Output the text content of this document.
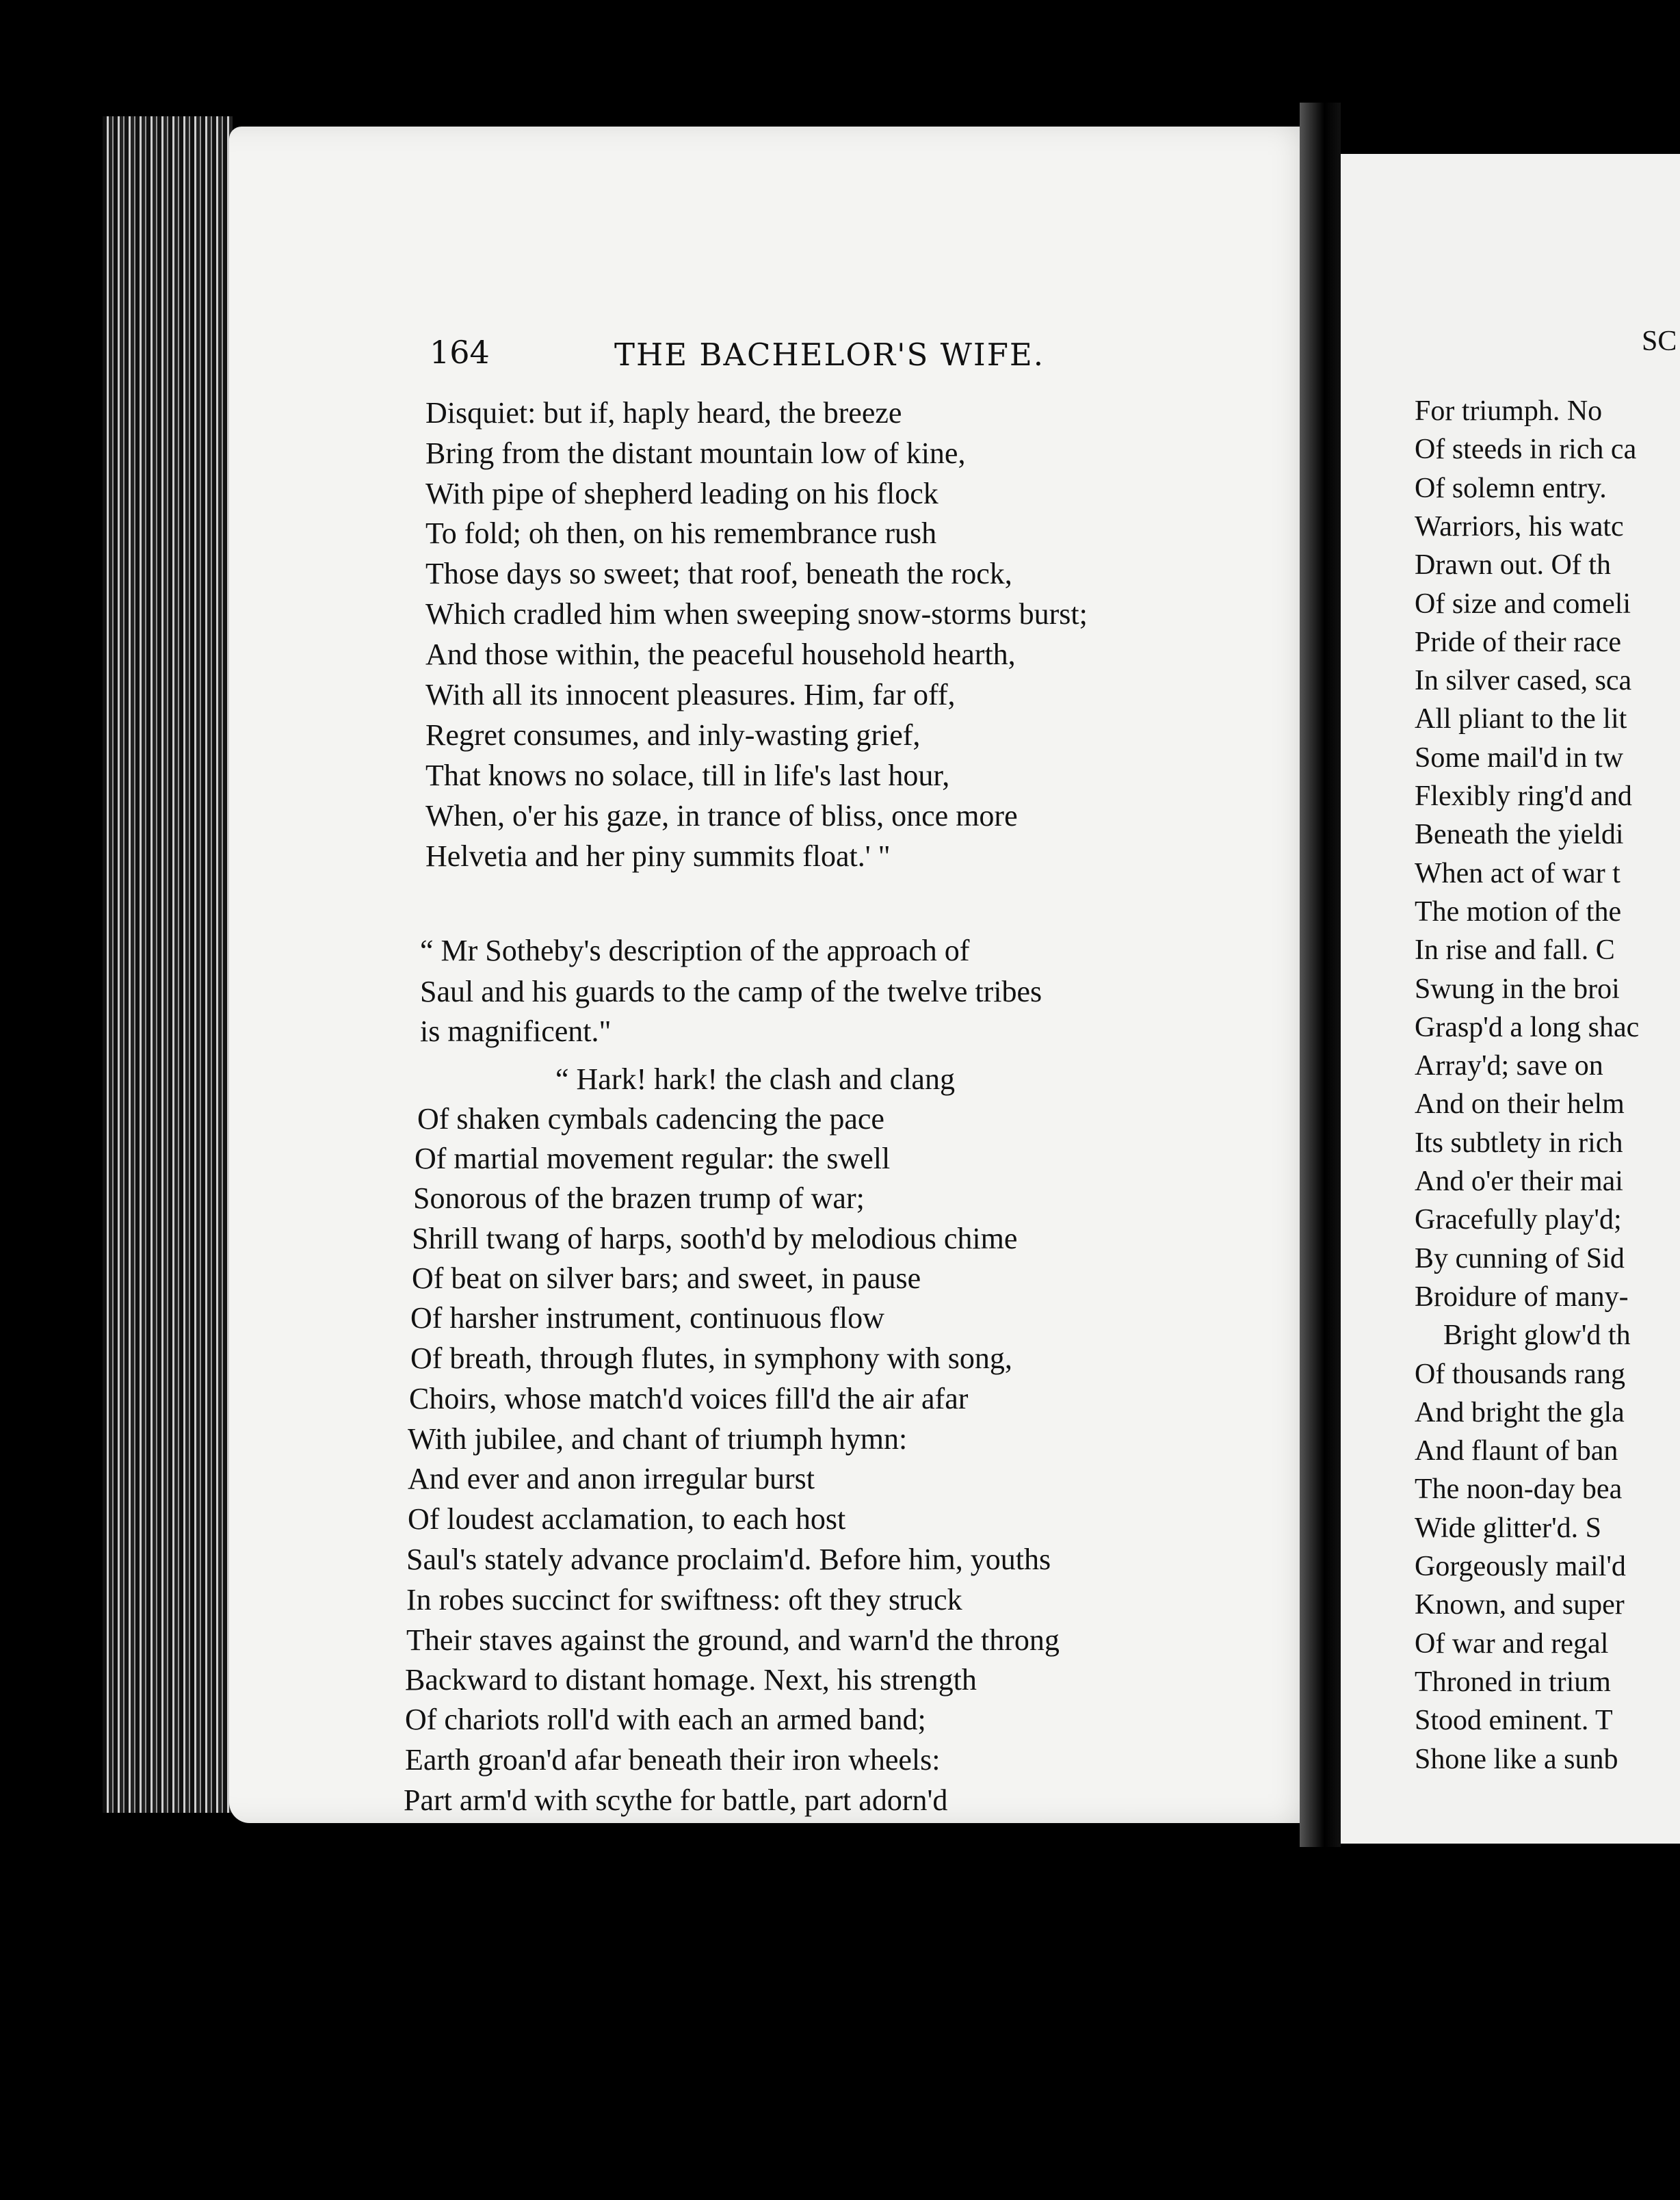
164	THE BACHELOR'S WIFE.
Disquiet: but if, haply heard, the breeze
Bring from the distant mountain low of kine,
With pipe of shepherd leading on his flock
To fold; oh then, on his remembrance rush
Those days so sweet; that roof, beneath the rock,
Which cradled him when sweeping snow-storms burst;
And those within, the peaceful household hearth,
With all its innocent pleasures. Him, far off,
Regret consumes, and inly-wasting grief,
That knows no solace, till in life's last hour,
When, o'er his gaze, in trance of bliss, once more
Helvetia and her piny summits float.' "
“ Mr Sotheby's description of the approach of
Saul and his guards to the camp of the twelve tribes
is magnificent."
“ Hark! hark! the clash and clang
Of shaken cymbals cadencing the pace
Of martial movement regular: the swell
Sonorous of the brazen trump of war;
Shrill twang of harps, sooth'd by melodious chime
Of beat on silver bars; and sweet, in pause
Of harsher instrument, continuous flow
Of breath, through flutes, in symphony with song,
Choirs, whose match'd voices fill'd the air afar
With jubilee, and chant of triumph hymn:
And ever and anon irregular burst
Of loudest acclamation, to each host
Saul's stately advance proclaim'd. Before him, youths
In robes succinct for swiftness: oft they struck
Their staves against the ground, and warn'd the throng
Backward to distant homage. Next, his strength
Of chariots roll'd with each an armed band;
Earth groan'd afar beneath their iron wheels:
Part arm'd with scythe for battle, part adorn'd
SC
For triumph. No
Of steeds in rich ca
Of solemn entry.
Warriors, his watc
Drawn out. Of th
Of size and comeli
Pride of their race
In silver cased, sca
All pliant to the lit
Some mail'd in tw
Flexibly ring'd and
Beneath the yieldi
When act of war t
The motion of the
In rise and fall. C
Swung in the broi
Grasp'd a long shac
Array'd; save on
And on their helm
Its subtlety in rich
And o'er their mai
Gracefully play'd;
By cunning of Sid
Broidure of many-
Bright glow'd th
Of thousands rang
And bright the gla
And flaunt of ban
The noon-day bea
Wide glitter'd. S
Gorgeously mail'd
Known, and super
Of war and regal
Throned in trium
Stood eminent. T
Shone like a sunb
